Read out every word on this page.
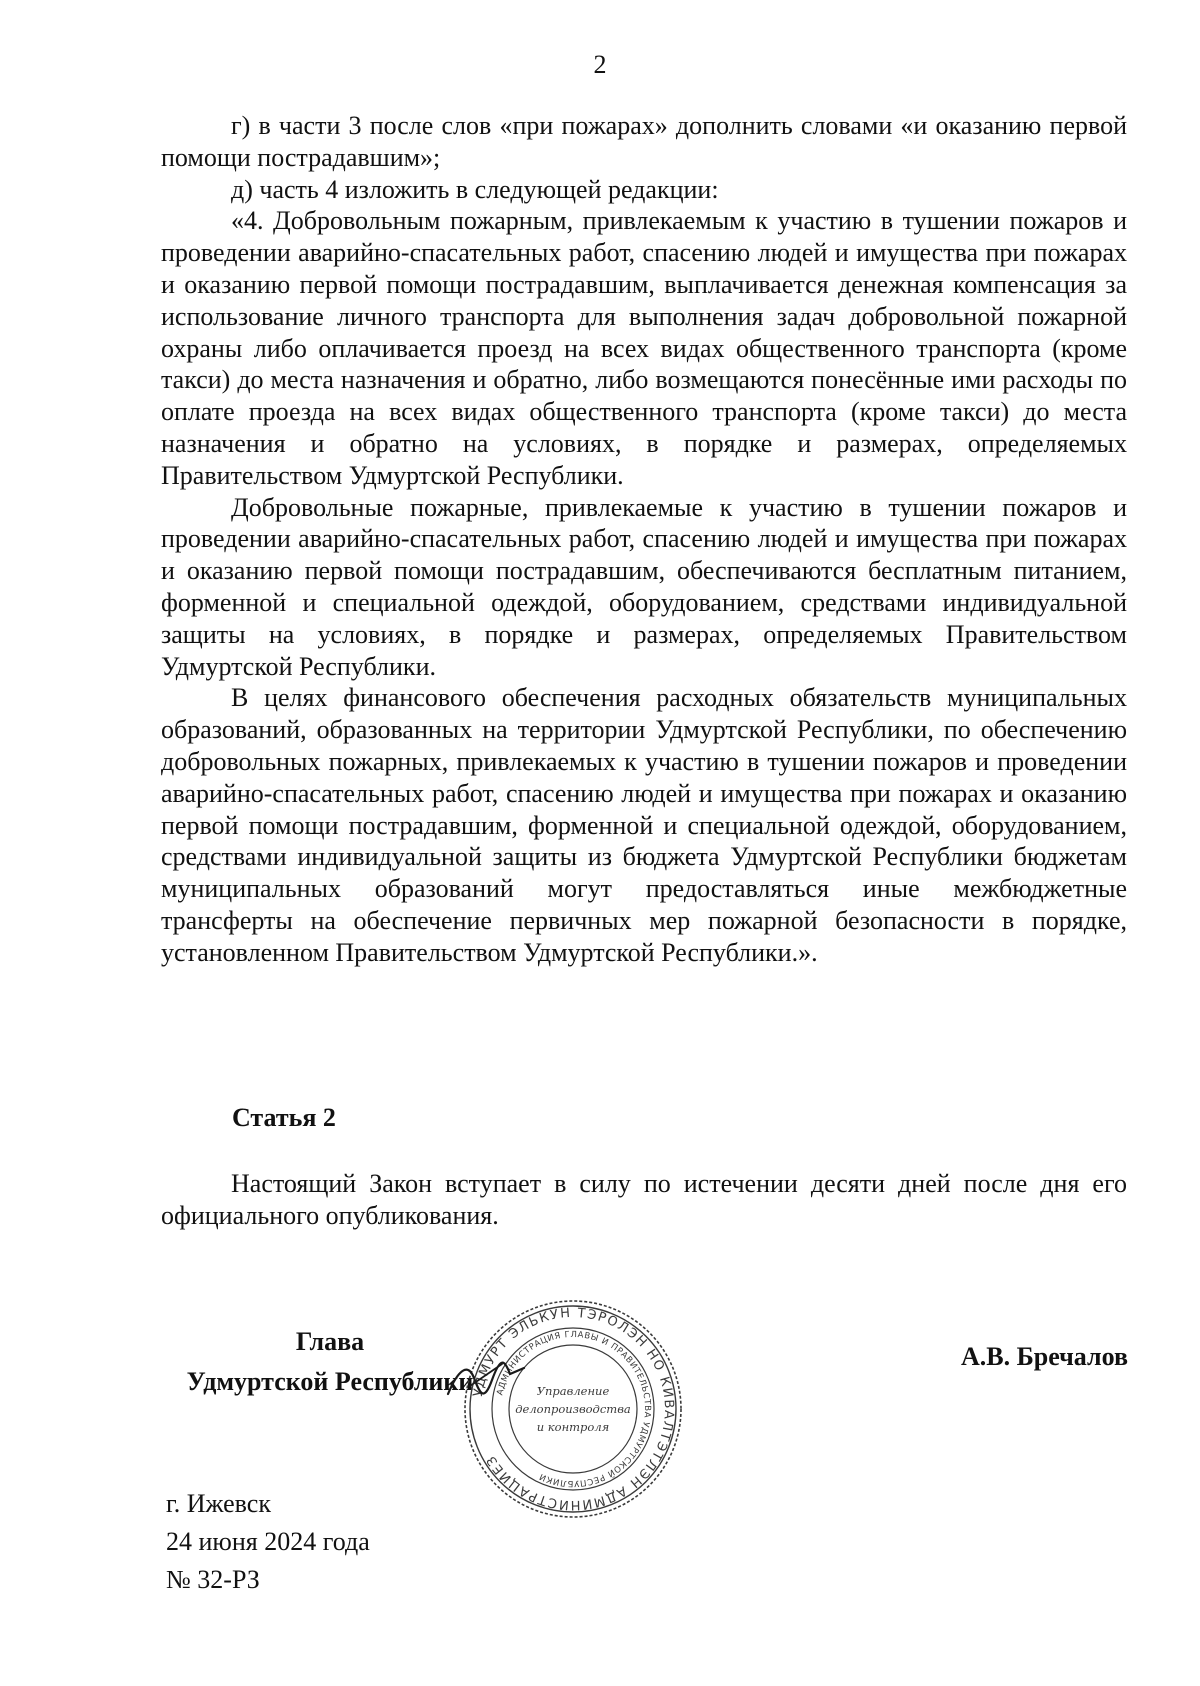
2

г) в части 3 после слов «при пожарах» дополнить словами «и оказанию первой помощи пострадавшим»;

д) часть 4 изложить в следующей редакции:

«4. Добровольным пожарным, привлекаемым к участию в тушении пожаров и проведении аварийно-спасательных работ, спасению людей и имущества при пожарах и оказанию первой помощи пострадавшим, выплачивается денежная компенсация за использование личного транспорта для выполнения задач добровольной пожарной охраны либо оплачивается проезд на всех видах общественного транспорта (кроме такси) до места назначения и обратно, либо возмещаются понесённые ими расходы по оплате проезда на всех видах общественного транспорта (кроме такси) до места назначения и обратно на условиях, в порядке и размерах, определяемых Правительством Удмуртской Республики.

Добровольные пожарные, привлекаемые к участию в тушении пожаров и проведении аварийно-спасательных работ, спасению людей и имущества при пожарах и оказанию первой помощи пострадавшим, обеспечиваются бесплатным питанием, форменной и специальной одеждой, оборудованием, средствами индивидуальной защиты на условиях, в порядке и размерах, определяемых Правительством Удмуртской Республики.

В целях финансового обеспечения расходных обязательств муниципальных образований, образованных на территории Удмуртской Республики, по обеспечению добровольных пожарных, привлекаемых к участию в тушении пожаров и проведении аварийно-спасательных работ, спасению людей и имущества при пожарах и оказанию первой помощи пострадавшим, форменной и специальной одеждой, оборудованием, средствами индивидуальной защиты из бюджета Удмуртской Республики бюджетам муниципальных образований могут предоставляться иные межбюджетные трансферты на обеспечение первичных мер пожарной безопасности в порядке, установленном Правительством Удмуртской Республики.».

Статья 2

Настоящий Закон вступает в силу по истечении десяти дней после дня его официального опубликования.

Глава
Удмуртской Республики
УДМУРТ ЭЛЬКУН ТЭРОЛЭН НО КИВАЛТЭТЛЭН АДМИНИСТРАЦИЕЗ
АДМИНИСТРАЦИЯ ГЛАВЫ И ПРАВИТЕЛЬСТВА УДМУРТСКОЙ РЕСПУБЛИКИ
Управление
делопроизводства
и контроля
А.В. Бречалов
г. Ижевск
24 июня 2024 года
№ 32-РЗ
